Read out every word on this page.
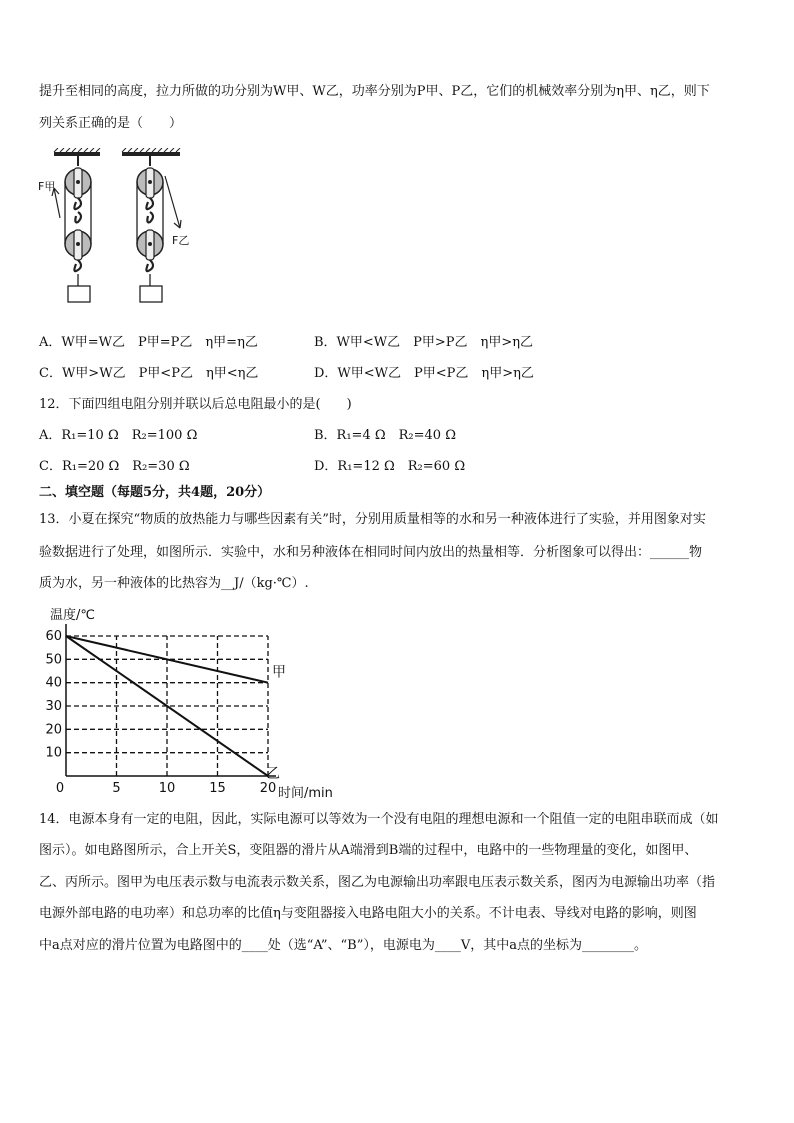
提升至相同的高度，拉力所做的功分别为W甲、W乙，功率分别为P甲、P乙，它们的机械效率分别为η甲、η乙，则下
列关系正确的是（　　）
F甲
F乙
A．W甲=W乙　P甲=P乙　η甲=η乙	B．W甲<W乙　P甲>P乙　η甲>η乙
C．W甲>W乙　P甲<P乙　η甲<η乙	D．W甲<W乙　P甲<P乙　η甲>η乙
12．下面四组电阻分别并联以后总电阻最小的是(　　)
A．R₁=10 Ω　R₂=100 Ω	B．R₁=4 Ω　R₂=40 Ω
C．R₁=20 Ω　R₂=30 Ω	D．R₁=12 Ω　R₂=60 Ω
二、填空题（每题5分，共4题，20分）
13．小夏在探究“物质的放热能力与哪些因素有关”时，分别用质量相等的水和另一种液体进行了实验，并用图象对实
验数据进行了处理，如图所示．实验中，水和另种液体在相同时间内放出的热量相等．分析图象可以得出：______物
质为水，另一种液体的比热容为__J/（kg·℃）.
温度/℃
0	5	10	15	20
10
20
30
40
50
60
甲
乙
时间/min
14．电源本身有一定的电阻，因此，实际电源可以等效为一个没有电阻的理想电源和一个阻值一定的电阻串联而成（如
图示）。如电路图所示，合上开关S，变阻器的滑片从A端滑到B端的过程中，电路中的一些物理量的变化，如图甲、
乙、丙所示。图甲为电压表示数与电流表示数关系，图乙为电源输出功率跟电压表示数关系，图丙为电源输出功率（指
电源外部电路的电功率）和总功率的比值η与变阻器接入电路电阻大小的关系。不计电表、导线对电路的影响，则图
中a点对应的滑片位置为电路图中的____处（选“A”、“B”），电源电为____V，其中a点的坐标为________。
